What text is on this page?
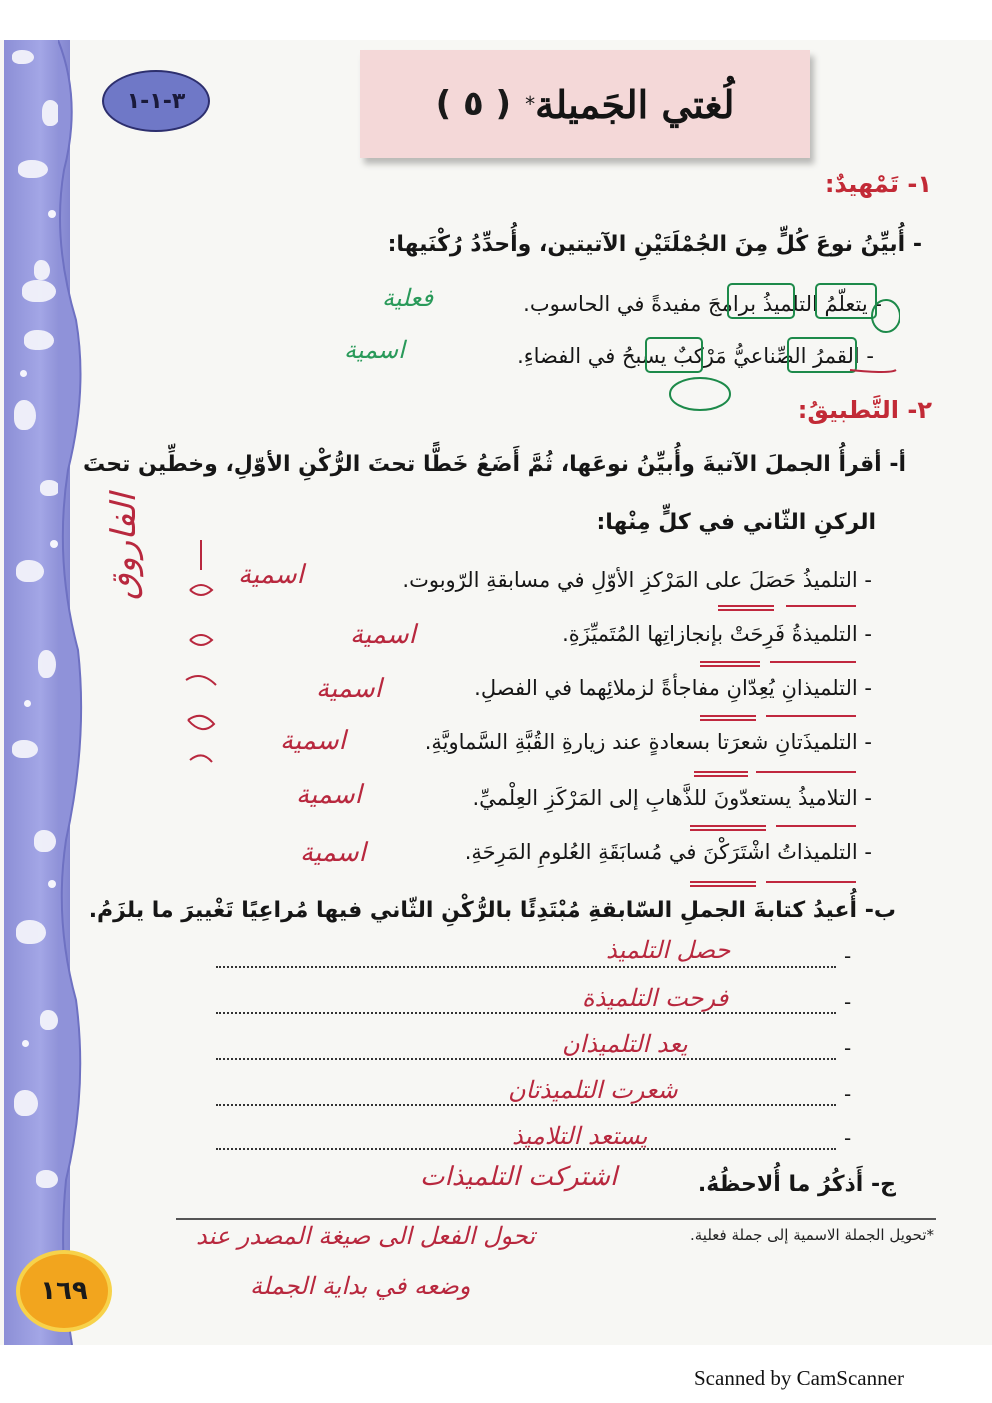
٣-١-١	لُغتي الجَميلة
*
( ٥ )
١- تَمْهيدٌ:
- أُبيِّنُ نوعَ كُلٍّ مِنَ الجُمْلَتَيْنِ الآتيتين، وأُحدِّدُ رُكْنَيها:
- يتعلّمُ التلميذُ برامجَ مفيدةً في الحاسوب.
فعلية
- القمرُ الصِّناعيُّ مَرْكبٌ يسبحُ في الفضاءِ.
اسمية
٢- التَّطبيقُ:
أ- أقرأُ الجملَ الآتيةَ وأُبيِّنُ نوعَها، ثُمَّ أَضَعُ خَطًّا تحتَ الرُّكْنِ الأوّلِ، وخطِّين تحتَ
الركنِ الثّاني في كلٍّ مِنْها:
- التلميذُ حَصَلَ على المَرْكزِ الأوّلِ في مسابقةِ الرّوبوت.
اسمية
- التلميذةُ فَرِحَتْ بإنجازاتِها المُتَميِّزَةِ.
اسمية
- التلميذانِ يُعِدّانِ مفاجأةً لزملائِهما في الفصلِ.
اسمية
- التلميذَتانِ شعرَتا بسعادةٍ عند زيارةِ القُبَّةِ السَّماويَّةِ.
اسمية
- التلاميذُ يستعدّونَ للذَّهابِ إلى المَرْكَزِ العِلْميِّ.
اسمية
- التلميذاتُ اشْتَرَكْنَ في مُسابَقَةِ العُلومِ المَرِحَةِ.
اسمية
الفاروق
ب- أُعيدُ كتابةَ الجملِ السّابقةِ مُبْتَدِئًا بالرُّكْنِ الثّاني فيها مُراعِيًا تَغْييرَ ما يلزَمُ.
-
حصل التلميذ
-
فرحت التلميذة
-
يعد التلميذان
-
شعرت التلميذتان
-
يستعد التلاميذ
ج- أَذكُرُ ما أُلاحظُهُ.
اشتركت التلميذات
*تحويل الجملة الاسمية إلى جملة فعلية.
تحول الفعل الى صيغة المصدر عند
وضعه في بداية الجملة
١٦٩
Scanned by CamScanner
